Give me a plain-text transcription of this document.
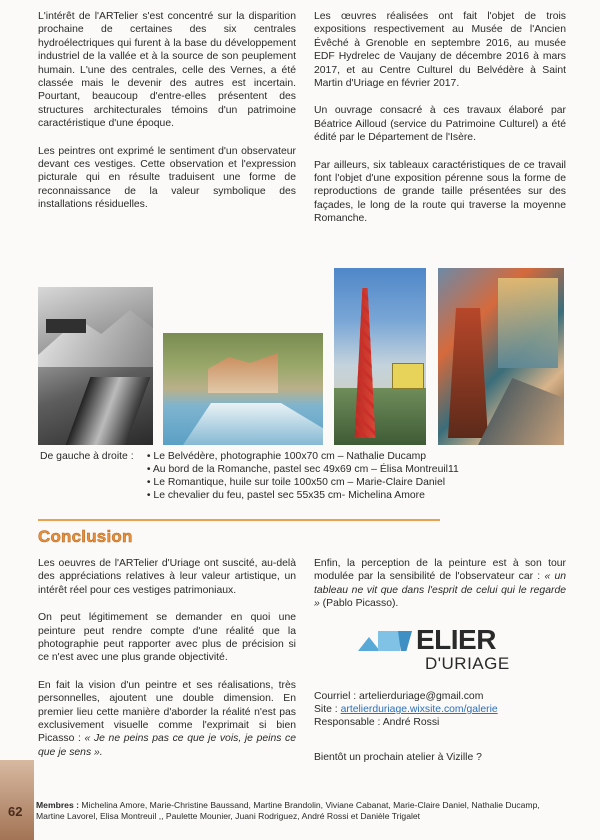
L'intérêt de l'ARTelier s'est concentré sur la disparition prochaine de certaines des six centrales hydroélectriques qui furent à la base du développement industriel de la vallée et à la source de son peuplement humain. L'une des centrales, celle des Vernes, a été classée mais le devenir des autres est incertain. Pourtant, beaucoup d'entre-elles présentent des structures architecturales témoins d'un patrimoine caractéristique d'une époque.

Les peintres ont exprimé le sentiment d'un observateur devant ces vestiges. Cette observation et l'expression picturale qui en résulte traduisent une forme de reconnaissance de la valeur symbolique des installations résiduelles.

Les œuvres réalisées ont fait l'objet de trois expositions respectivement au Musée de l'Ancien Évêché à Grenoble en septembre 2016, au musée EDF Hydrelec de Vaujany de décembre 2016 à mars 2017, et au Centre Culturel du Belvédère à Saint Martin d'Uriage en février 2017.

Un ouvrage consacré à ces travaux élaboré par Béatrice Ailloud (service du Patrimoine Culturel) a été édité par le Département de l'Isère.

Par ailleurs, six tableaux caractéristiques de ce travail font l'objet d'une exposition pérenne sous la forme de reproductions de grande taille présentées sur des façades, le long de la route qui traverse la moyenne Romanche.

De gauche à droite :
•	Le Belvédère, photographie 100x70 cm – Nathalie Ducamp
• Au bord de la Romanche, pastel sec 49x69 cm – Élisa Montreuil11
• Le Romantique, huile sur toile 100x50 cm – Marie-Claire Daniel
• Le chevalier du feu, pastel sec 55x35 cm- Michelina Amore
Conclusion

Les oeuvres de l'ARTelier d'Uriage ont suscité, au-delà des appréciations relatives à leur valeur artistique, un intérêt réel pour ces vestiges patrimoniaux.

On peut légitimement se demander en quoi une peinture peut rendre compte d'une réalité que la photographie peut rapporter avec plus de précision si ce n'est avec une plus grande objectivité.

En fait la vision d'un peintre et ses réalisations, très personnelles, ajoutent une double dimension. En premier lieu cette manière d'aborder la réalité n'est pas exclusivement visuelle comme l'exprimait si bien Picasso : « Je ne peins pas ce que je vois, je peins ce que je sens ».

Enfin, la perception de la peinture est à son tour modulée par la sensibilité de l'observateur car : « un tableau ne vit que dans l'esprit de celui qui le regarde » (Pablo Picasso).

ELIER
D'URIAGE
Courriel : artelierduriage@gmail.com
Site : artelierduriage.wixsite.com/galerie
Responsable : André Rossi
Bientôt un prochain atelier à Vizille ?
62 Membres : Michelina Amore, Marie-Christine Baussand, Martine Brandolin, Viviane Cabanat, Marie-Claire Daniel, Nathalie Ducamp, Martine Lavorel, Elisa Montreuil ,, Paulette Mounier, Juani Rodriguez, André Rossi et Danièle Trigalet
